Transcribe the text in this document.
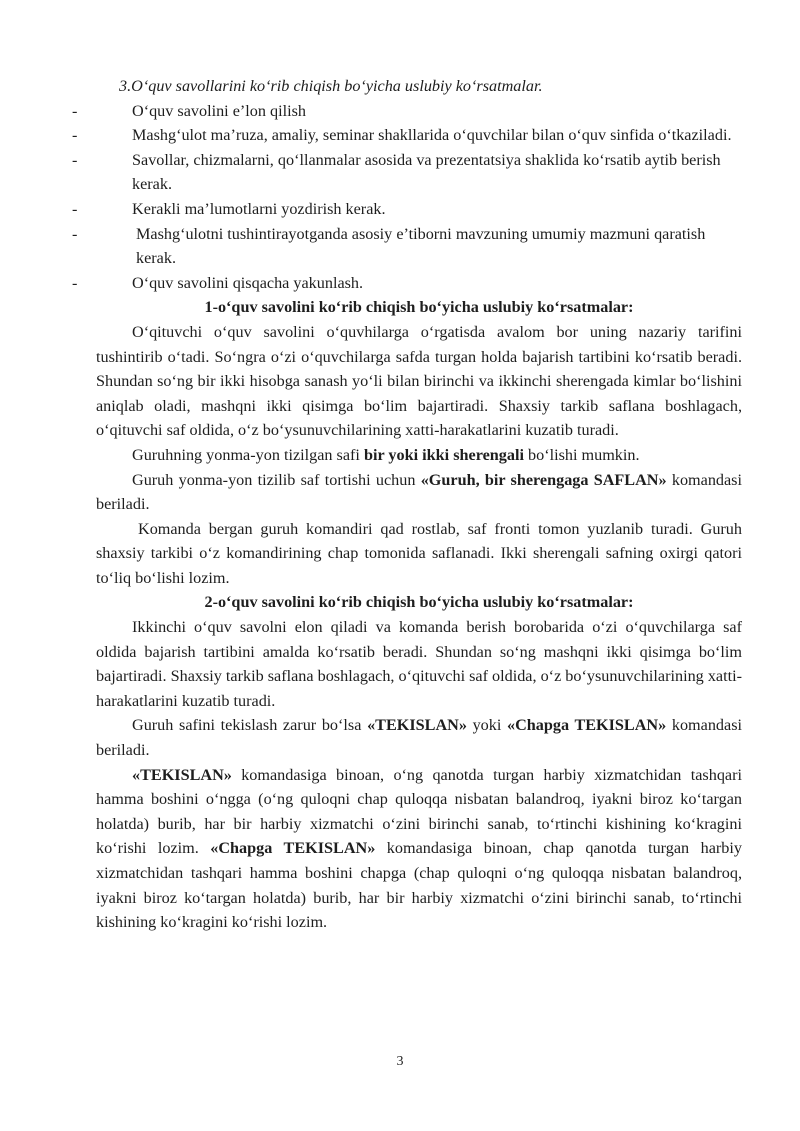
3.O‘quv savollarini ko‘rib chiqish bo‘yicha uslubiy ko‘rsatmalar.

-	O‘quv savolini e’lon qilish

-	Mashg‘ulot ma’ruza, amaliy, seminar shakllarida o‘quvchilar bilan o‘quv sinfida o‘tkaziladi.

-	Savollar, chizmalarni, qo‘llanmalar asosida va prezentatsiya shaklida ko‘rsatib aytib berish kerak.

-	Kerakli ma’lumotlarni yozdirish kerak.

-	Mashg‘ulotni tushintirayotganda asosiy e’tiborni mavzuning umumiy mazmuni qaratish kerak.

-	O‘quv savolini qisqacha yakunlash.

1-o‘quv savolini ko‘rib chiqish bo‘yicha uslubiy ko‘rsatmalar:

O‘qituvchi o‘quv savolini o‘quvhilarga o‘rgatisda avalom bor uning nazariy tarifini tushintirib o‘tadi. So‘ngra o‘zi o‘quvchilarga safda turgan holda bajarish tartibini ko‘rsatib beradi. Shundan so‘ng bir ikki hisobga sanash yo‘li bilan birinchi va ikkinchi sherengada kimlar bo‘lishini aniqlab oladi, mashqni ikki qisimga bo‘lim bajartiradi. Shaxsiy tarkib saflana boshlagach, o‘qituvchi saf oldida, o‘z bo‘ysunuvchilarining xatti-harakatlarini kuzatib turadi.

Guruhning yonma-yon tizilgan safi bir yoki ikki sherengali bo‘lishi mumkin.

Guruh yonma-yon tizilib saf tortishi uchun «Guruh, bir sherengaga SAFLAN» komandasi beriladi.

Komanda bergan guruh komandiri qad rostlab, saf fronti tomon yuzlanib turadi. Guruh shaxsiy tarkibi o‘z komandirining chap tomonida saflanadi. Ikki sherengali safning oxirgi qatori to‘liq bo‘lishi lozim.

2-o‘quv savolini ko‘rib chiqish bo‘yicha uslubiy ko‘rsatmalar:

Ikkinchi o‘quv savolni elon qiladi va komanda berish borobarida o‘zi o‘quvchilarga saf oldida bajarish tartibini amalda ko‘rsatib beradi. Shundan so‘ng mashqni ikki qisimga bo‘lim bajartiradi. Shaxsiy tarkib saflana boshlagach, o‘qituvchi saf oldida, o‘z bo‘ysunuvchilarining xatti-harakatlarini kuzatib turadi.

Guruh safini tekislash zarur bo‘lsa «TEKISLAN» yoki «Chapga TEKISLAN» komandasi beriladi.

«TEKISLAN» komandasiga binoan, o‘ng qanotda turgan harbiy xizmatchidan tashqari hamma boshini o‘ngga (o‘ng quloqni chap quloqqa nisbatan balandroq, iyakni biroz ko‘targan holatda) burib, har bir harbiy xizmatchi o‘zini birinchi sanab, to‘rtinchi kishining ko‘kragini ko‘rishi lozim. «Chapga TEKISLAN» komandasiga binoan, chap qanotda turgan harbiy xizmatchidan tashqari hamma boshini chapga (chap quloqni o‘ng quloqqa nisbatan balandroq, iyakni biroz ko‘targan holatda) burib, har bir harbiy xizmatchi o‘zini birinchi sanab, to‘rtinchi kishining ko‘kragini ko‘rishi lozim.

3
